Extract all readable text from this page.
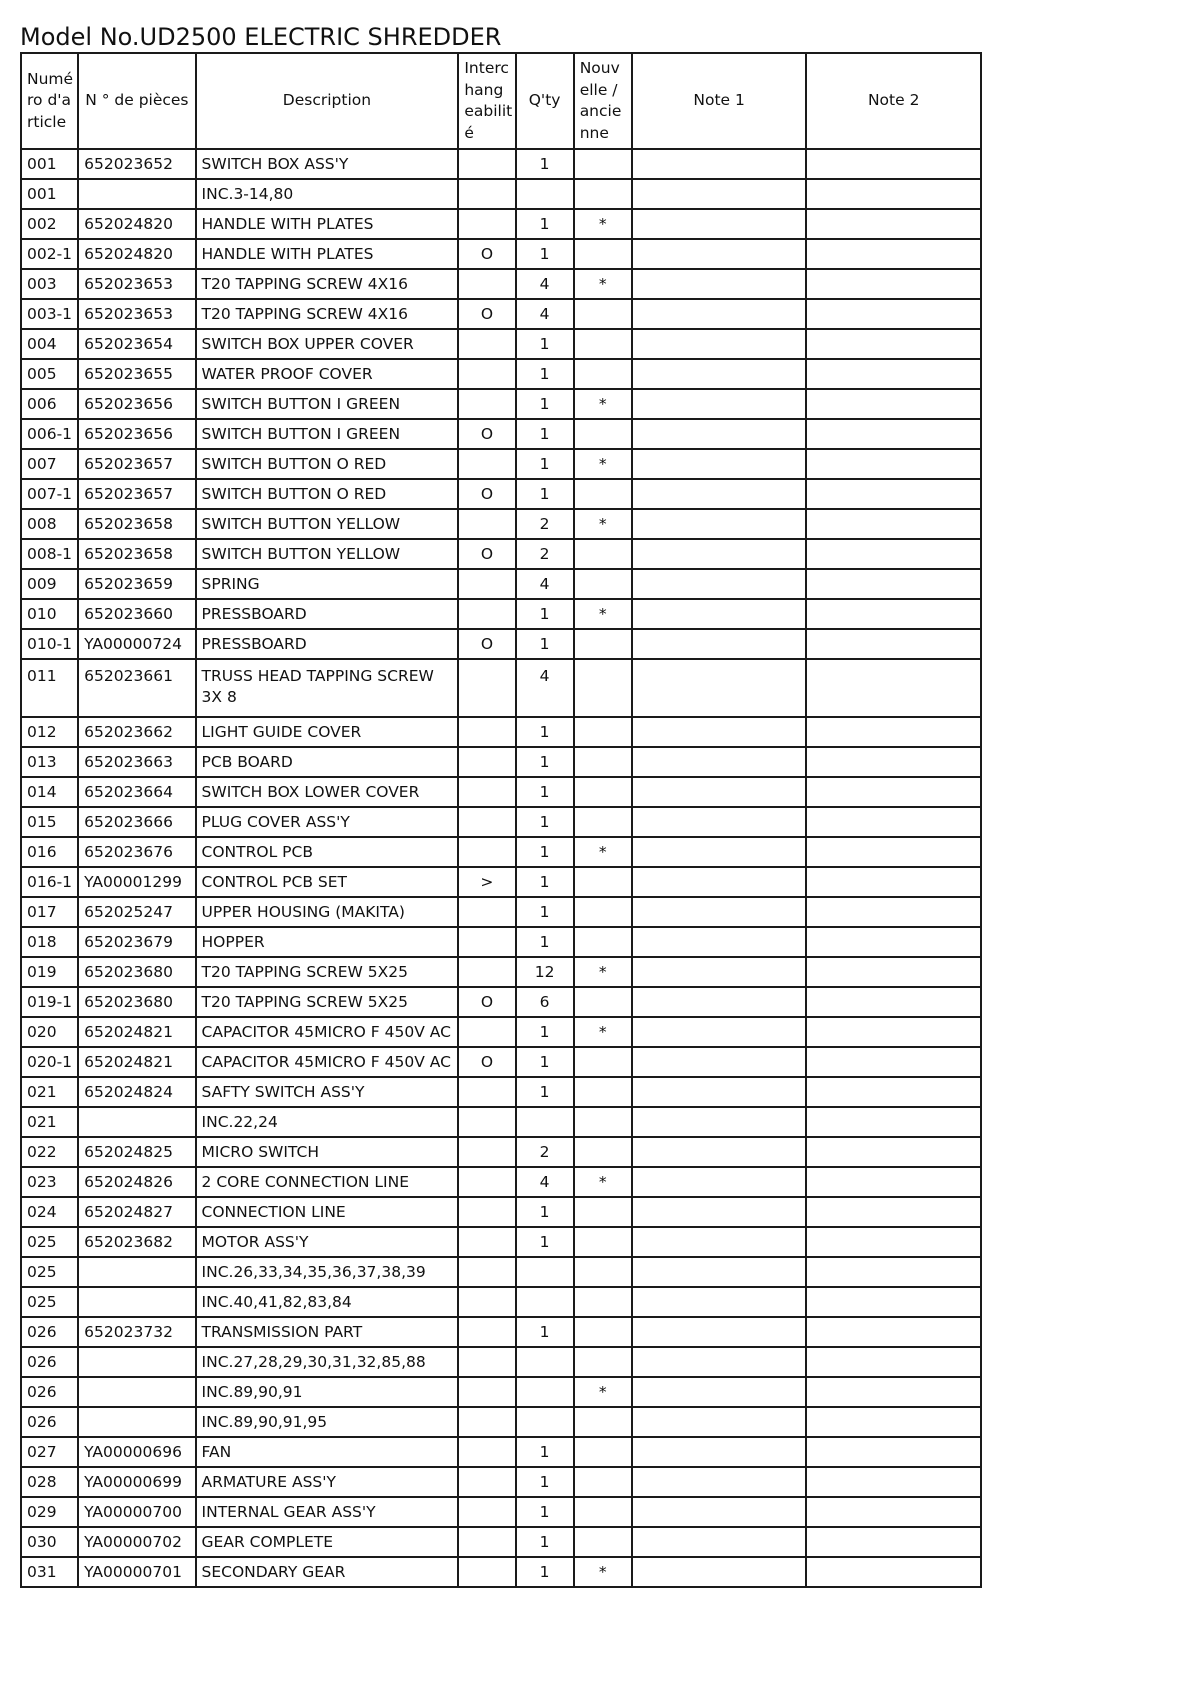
Model No.UD2500 ELECTRIC SHREDDER
Numé ro d'a rticle	N ° de pièces	Description	Interc hang eabilit é	Q'ty	Nouv elle / ancie nne	Note 1	Note 2
001	652023652	SWITCH BOX ASS'Y		1			
001		INC.3-14,80					
002	652024820	HANDLE WITH PLATES		1	*		
002-1	652024820	HANDLE WITH PLATES	O	1			
003	652023653	T20 TAPPING SCREW 4X16		4	*		
003-1	652023653	T20 TAPPING SCREW 4X16	O	4			
004	652023654	SWITCH BOX UPPER COVER		1			
005	652023655	WATER PROOF COVER		1			
006	652023656	SWITCH BUTTON I GREEN		1	*		
006-1	652023656	SWITCH BUTTON I GREEN	O	1			
007	652023657	SWITCH BUTTON O RED		1	*		
007-1	652023657	SWITCH BUTTON O RED	O	1			
008	652023658	SWITCH BUTTON YELLOW		2	*		
008-1	652023658	SWITCH BUTTON YELLOW	O	2			
009	652023659	SPRING		4			
010	652023660	PRESSBOARD		1	*		
010-1	YA00000724	PRESSBOARD	O	1			
011	652023661	TRUSS HEAD TAPPING SCREW 3X 8		4			
012	652023662	LIGHT GUIDE COVER		1			
013	652023663	PCB BOARD		1			
014	652023664	SWITCH BOX LOWER COVER		1			
015	652023666	PLUG COVER ASS'Y		1			
016	652023676	CONTROL PCB		1	*		
016-1	YA00001299	CONTROL PCB SET	>	1			
017	652025247	UPPER HOUSING (MAKITA)		1			
018	652023679	HOPPER		1			
019	652023680	T20 TAPPING SCREW 5X25		12	*		
019-1	652023680	T20 TAPPING SCREW 5X25	O	6			
020	652024821	CAPACITOR 45MICRO F 450V AC		1	*		
020-1	652024821	CAPACITOR 45MICRO F 450V AC	O	1			
021	652024824	SAFTY SWITCH ASS'Y		1			
021		INC.22,24					
022	652024825	MICRO SWITCH		2			
023	652024826	2 CORE CONNECTION LINE		4	*		
024	652024827	CONNECTION LINE		1			
025	652023682	MOTOR ASS'Y		1			
025		INC.26,33,34,35,36,37,38,39					
025		INC.40,41,82,83,84					
026	652023732	TRANSMISSION PART		1			
026		INC.27,28,29,30,31,32,85,88					
026		INC.89,90,91			*		
026		INC.89,90,91,95					
027	YA00000696	FAN		1			
028	YA00000699	ARMATURE ASS'Y		1			
029	YA00000700	INTERNAL GEAR ASS'Y		1			
030	YA00000702	GEAR COMPLETE		1			
031	YA00000701	SECONDARY GEAR		1	*		
